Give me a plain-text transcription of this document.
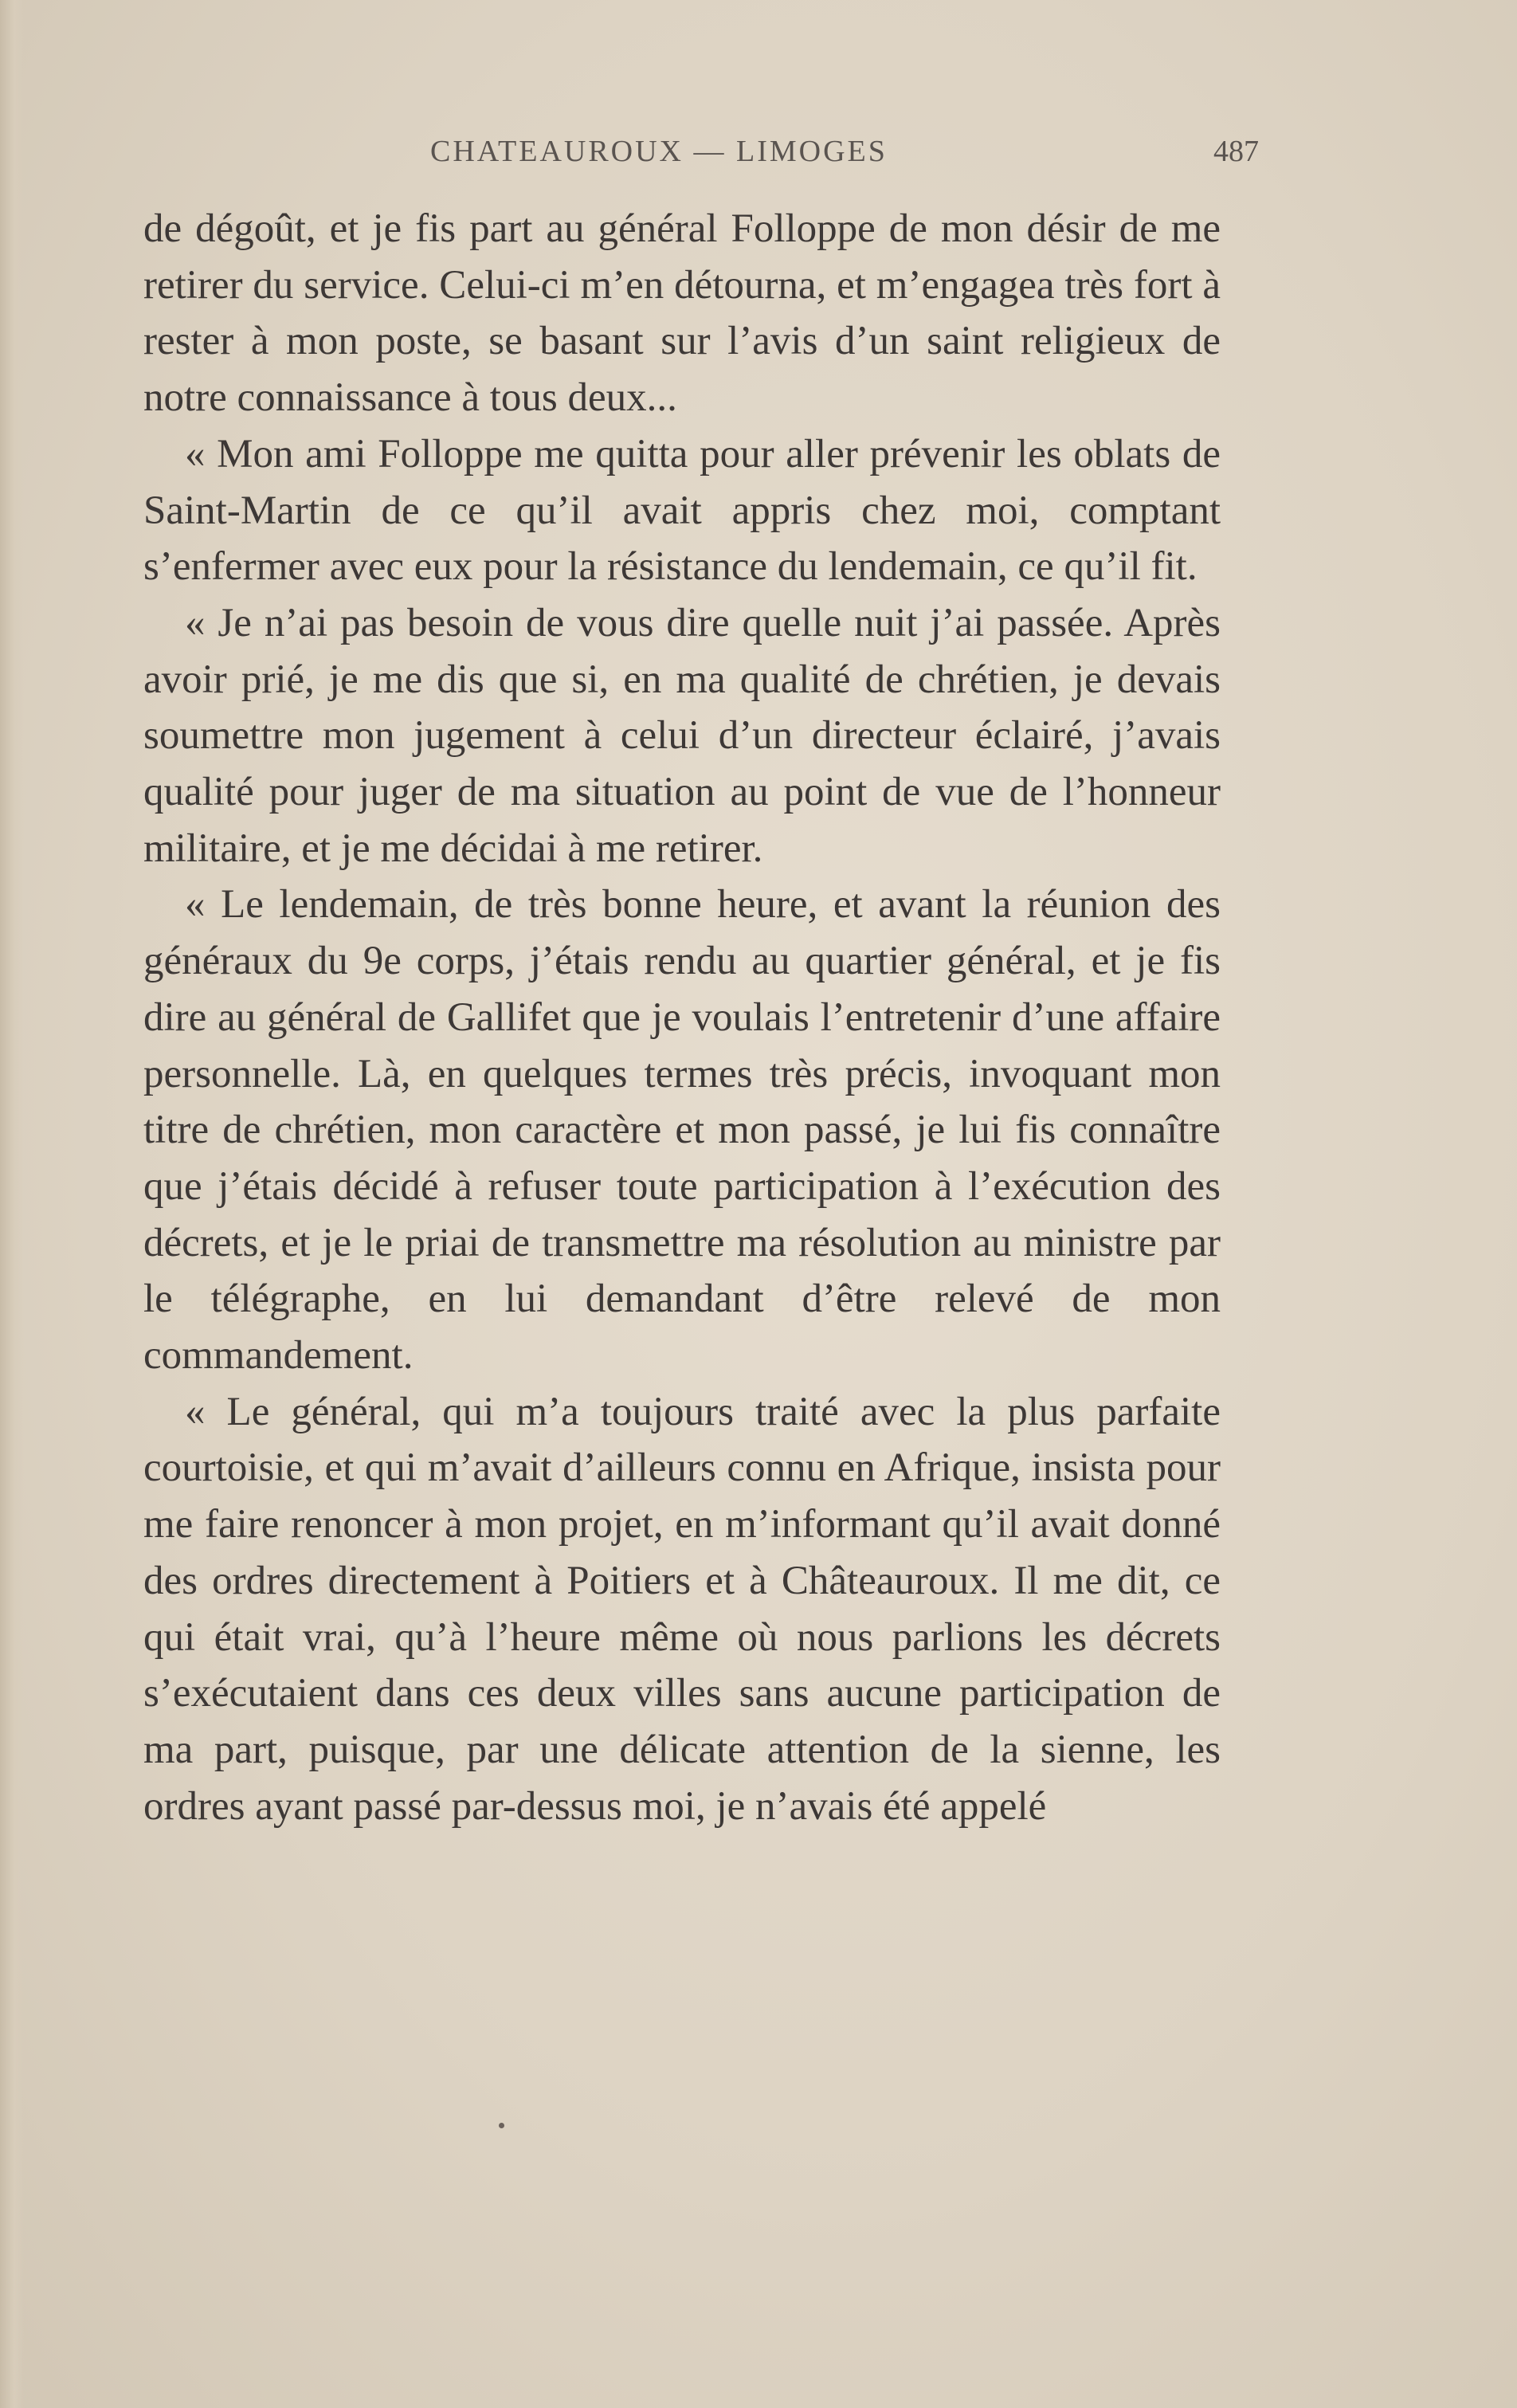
CHATEAUROUX — LIMOGES	487

de dégoût, et je fis part au général Folloppe de mon désir de me retirer du service. Celui-ci m’en détourna, et m’engagea très fort à rester à mon poste, se basant sur l’avis d’un saint religieux de notre connaissance à tous deux...

« Mon ami Folloppe me quitta pour aller prévenir les oblats de Saint-Martin de ce qu’il avait appris chez moi, comptant s’enfermer avec eux pour la résistance du lendemain, ce qu’il fit.

« Je n’ai pas besoin de vous dire quelle nuit j’ai passée. Après avoir prié, je me dis que si, en ma qualité de chrétien, je devais soumettre mon jugement à celui d’un directeur éclairé, j’avais qualité pour juger de ma situation au point de vue de l’honneur militaire, et je me décidai à me retirer.

« Le lendemain, de très bonne heure, et avant la réunion des généraux du 9e corps, j’étais rendu au quartier général, et je fis dire au général de Gallifet que je voulais l’entretenir d’une affaire personnelle. Là, en quelques termes très précis, invoquant mon titre de chrétien, mon caractère et mon passé, je lui fis connaître que j’étais décidé à refuser toute participation à l’exécution des décrets, et je le priai de transmettre ma résolution au ministre par le télégraphe, en lui demandant d’être relevé de mon commandement.

« Le général, qui m’a toujours traité avec la plus parfaite courtoisie, et qui m’avait d’ailleurs connu en Afrique, insista pour me faire renoncer à mon projet, en m’informant qu’il avait donné des ordres directement à Poitiers et à Châteauroux. Il me dit, ce qui était vrai, qu’à l’heure même où nous parlions les décrets s’exécutaient dans ces deux villes sans aucune participation de ma part, puisque, par une délicate attention de la sienne, les ordres ayant passé par-dessus moi, je n’avais été appelé
